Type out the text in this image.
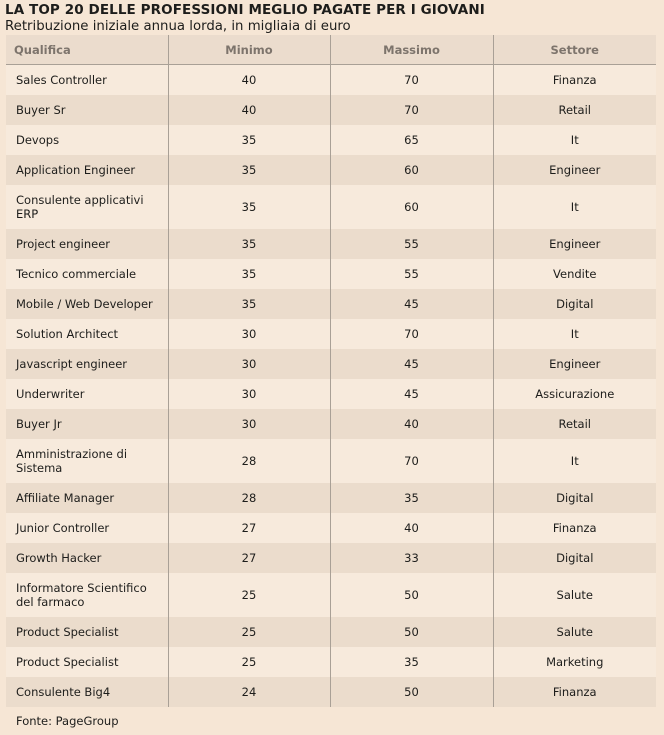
LA TOP 20 DELLE PROFESSIONI MEGLIO PAGATE PER I GIOVANI
Retribuzione iniziale annua lorda, in migliaia di euro
Qualifica	Minimo	Massimo	Settore
Sales Controller	40	70	Finanza
Buyer Sr	40	70	Retail
Devops	35	65	It
Application Engineer	35	60	Engineer
Consulente applicativi ERP	35	60	It
Project engineer	35	55	Engineer
Tecnico commerciale	35	55	Vendite
Mobile / Web Developer	35	45	Digital
Solution Architect	30	70	It
Javascript engineer	30	45	Engineer
Underwriter	30	45	Assicurazione
Buyer Jr	30	40	Retail
Amministrazione di Sistema	28	70	It
Affiliate Manager	28	35	Digital
Junior Controller	27	40	Finanza
Growth Hacker	27	33	Digital
Informatore Scientifico del farmaco	25	50	Salute
Product Specialist	25	50	Salute
Product Specialist	25	35	Marketing
Consulente Big4	24	50	Finanza
Fonte: PageGroup
